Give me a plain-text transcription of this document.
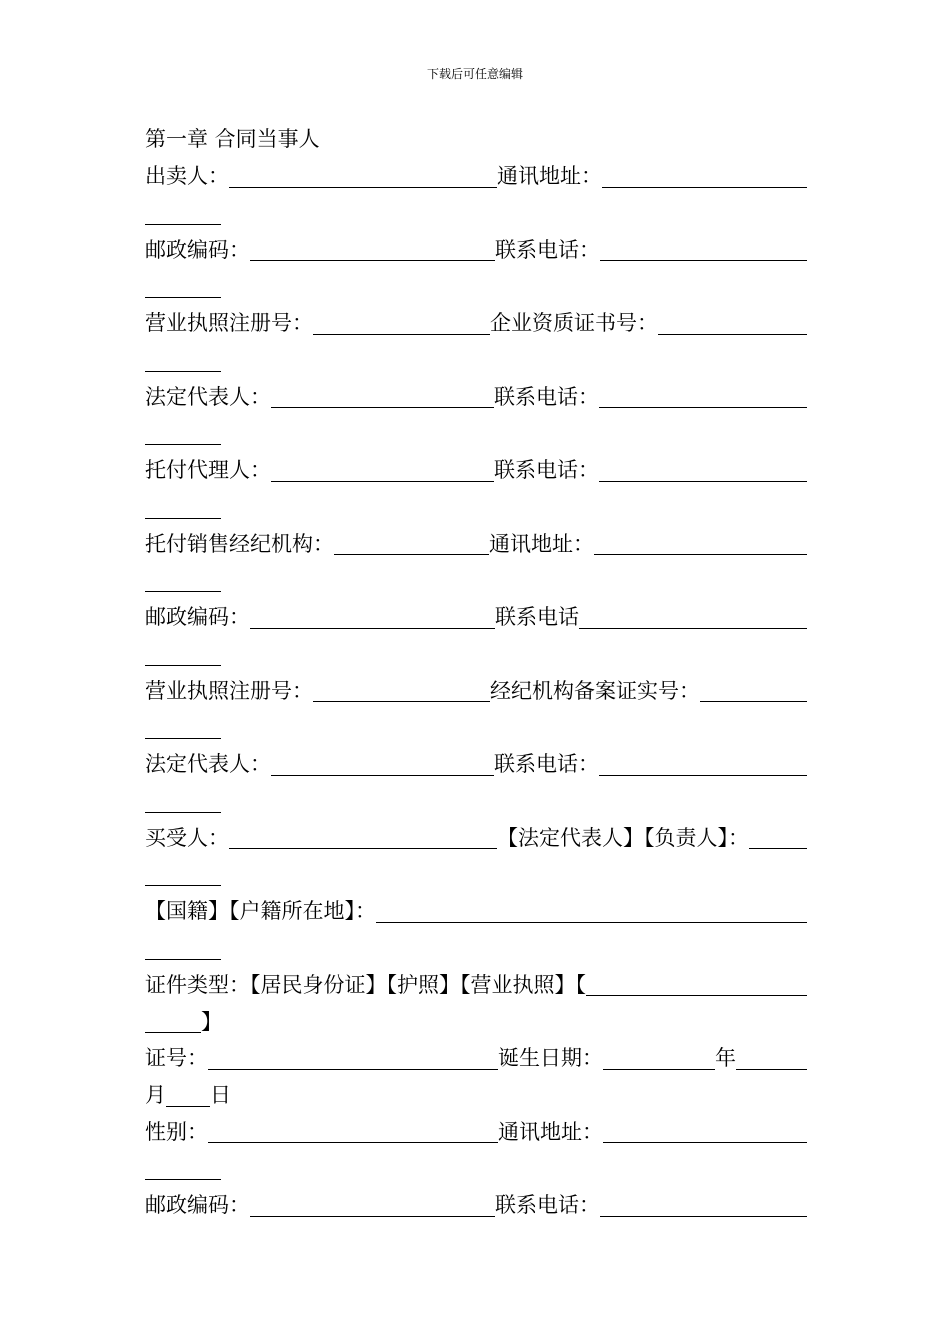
下载后可任意编辑
第一章 合同当事人
出卖人：	通讯地址：
邮政编码：	联系电话：
营业执照注册号：	企业资质证书号：
法定代表人：	联系电话：
托付代理人：	联系电话：
托付销售经纪机构：	通讯地址：
邮政编码：	联系电话
营业执照注册号：	经纪机构备案证实号：
法定代表人：	联系电话：
买受人：	【法定代表人】【负责人】：
【国籍】【户籍所在地】：
证件类型：【居民身份证】【护照】【营业执照】【
】
证号：	诞生日期：	年
月 日
性别：	通讯地址：
邮政编码：	联系电话：
